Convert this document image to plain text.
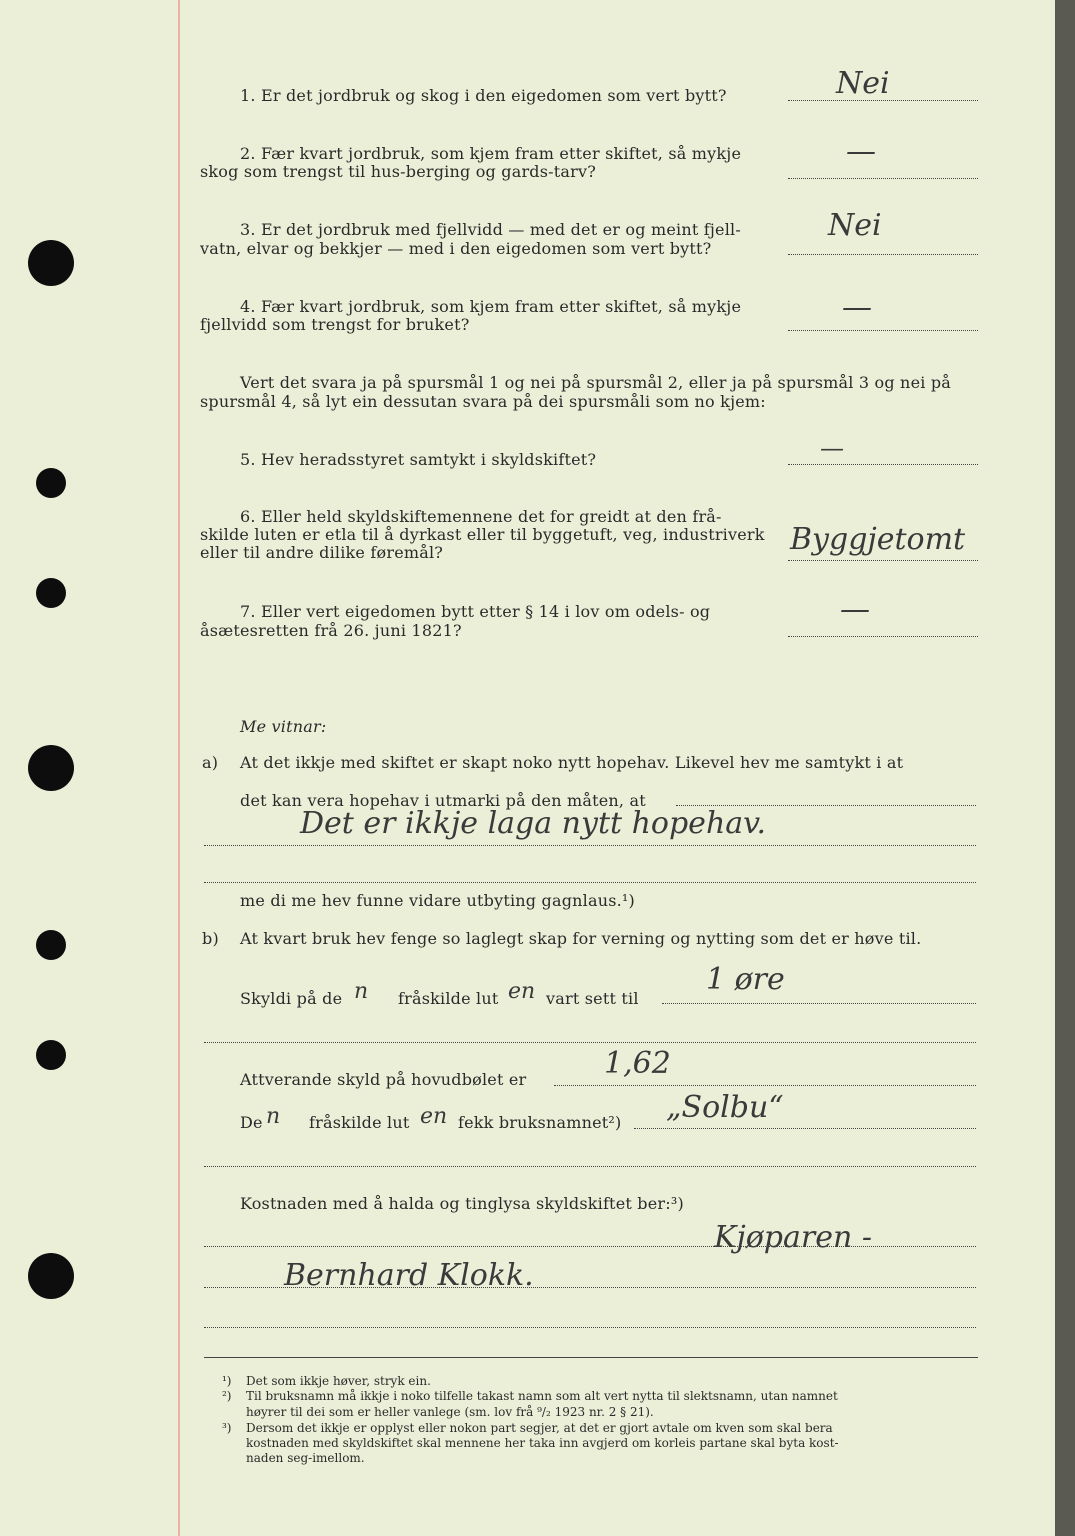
1. Er det jordbruk og skog i den eigedomen som vert bytt?	Nei
2. Fær kvart jordbruk, som kjem fram etter skiftet, så mykje
skog som trengst til hus-berging og gards-tarv?
—
3. Er det jordbruk med fjellvidd — med det er og meint fjell-
vatn, elvar og bekkjer — med i den eigedomen som vert bytt?
Nei
4. Fær kvart jordbruk, som kjem fram etter skiftet, så mykje
fjellvidd som trengst for bruket?	—
Vert det svara ja på spursmål 1 og nei på spursmål 2, eller ja på spursmål 3 og nei på
spursmål 4, så lyt ein dessutan svara på dei spursmåli som no kjem:
5. Hev heradsstyret samtykt i skyldskiftet?	—
6. Eller held skyldskiftemennene det for greidt at den frå-
skilde luten er etla til å dyrkast eller til byggetuft, veg, industriverk
eller til andre dilike føremål?	Byggjetomt
7. Eller vert eigedomen bytt etter § 14 i lov om odels- og
åsætesretten frå 26. juni 1821?
—
Me vitnar:
a) At det ikkje med skiftet er skapt noko nytt hopehav. Likevel hev me samtykt i at
det kan vera hopehav i utmarki på den måten, at
Det er ikkje laga nytt hopehav.
me di me hev funne vidare utbyting gagnlaus.¹)
b) At kvart bruk hev fenge so laglegt skap for verning og nytting som det er høve til.
Skyldi på de n fråskilde lut en vart sett til
1 øre
Attverande skyld på hovudbølet er	1,62
De n fråskilde lut en fekk bruksnamnet²) „Solbu“
Kostnaden med å halda og tinglysa skyldskiftet ber:³)
Kjøparen -
Bernhard Klokk.
¹) Det som ikkje høver, stryk ein.
²) Til bruksnamn må ikkje i noko tilfelle takast namn som alt vert nytta til slektsnamn, utan namnet
høyrer til dei som er heller vanlege (sm. lov frå ⁹/₂ 1923 nr. 2 § 21).
³) Dersom det ikkje er opplyst eller nokon part segjer, at det er gjort avtale om kven som skal bera
kostnaden med skyldskiftet skal mennene her taka inn avgjerd om korleis partane skal byta kost-
naden seg-imellom.
